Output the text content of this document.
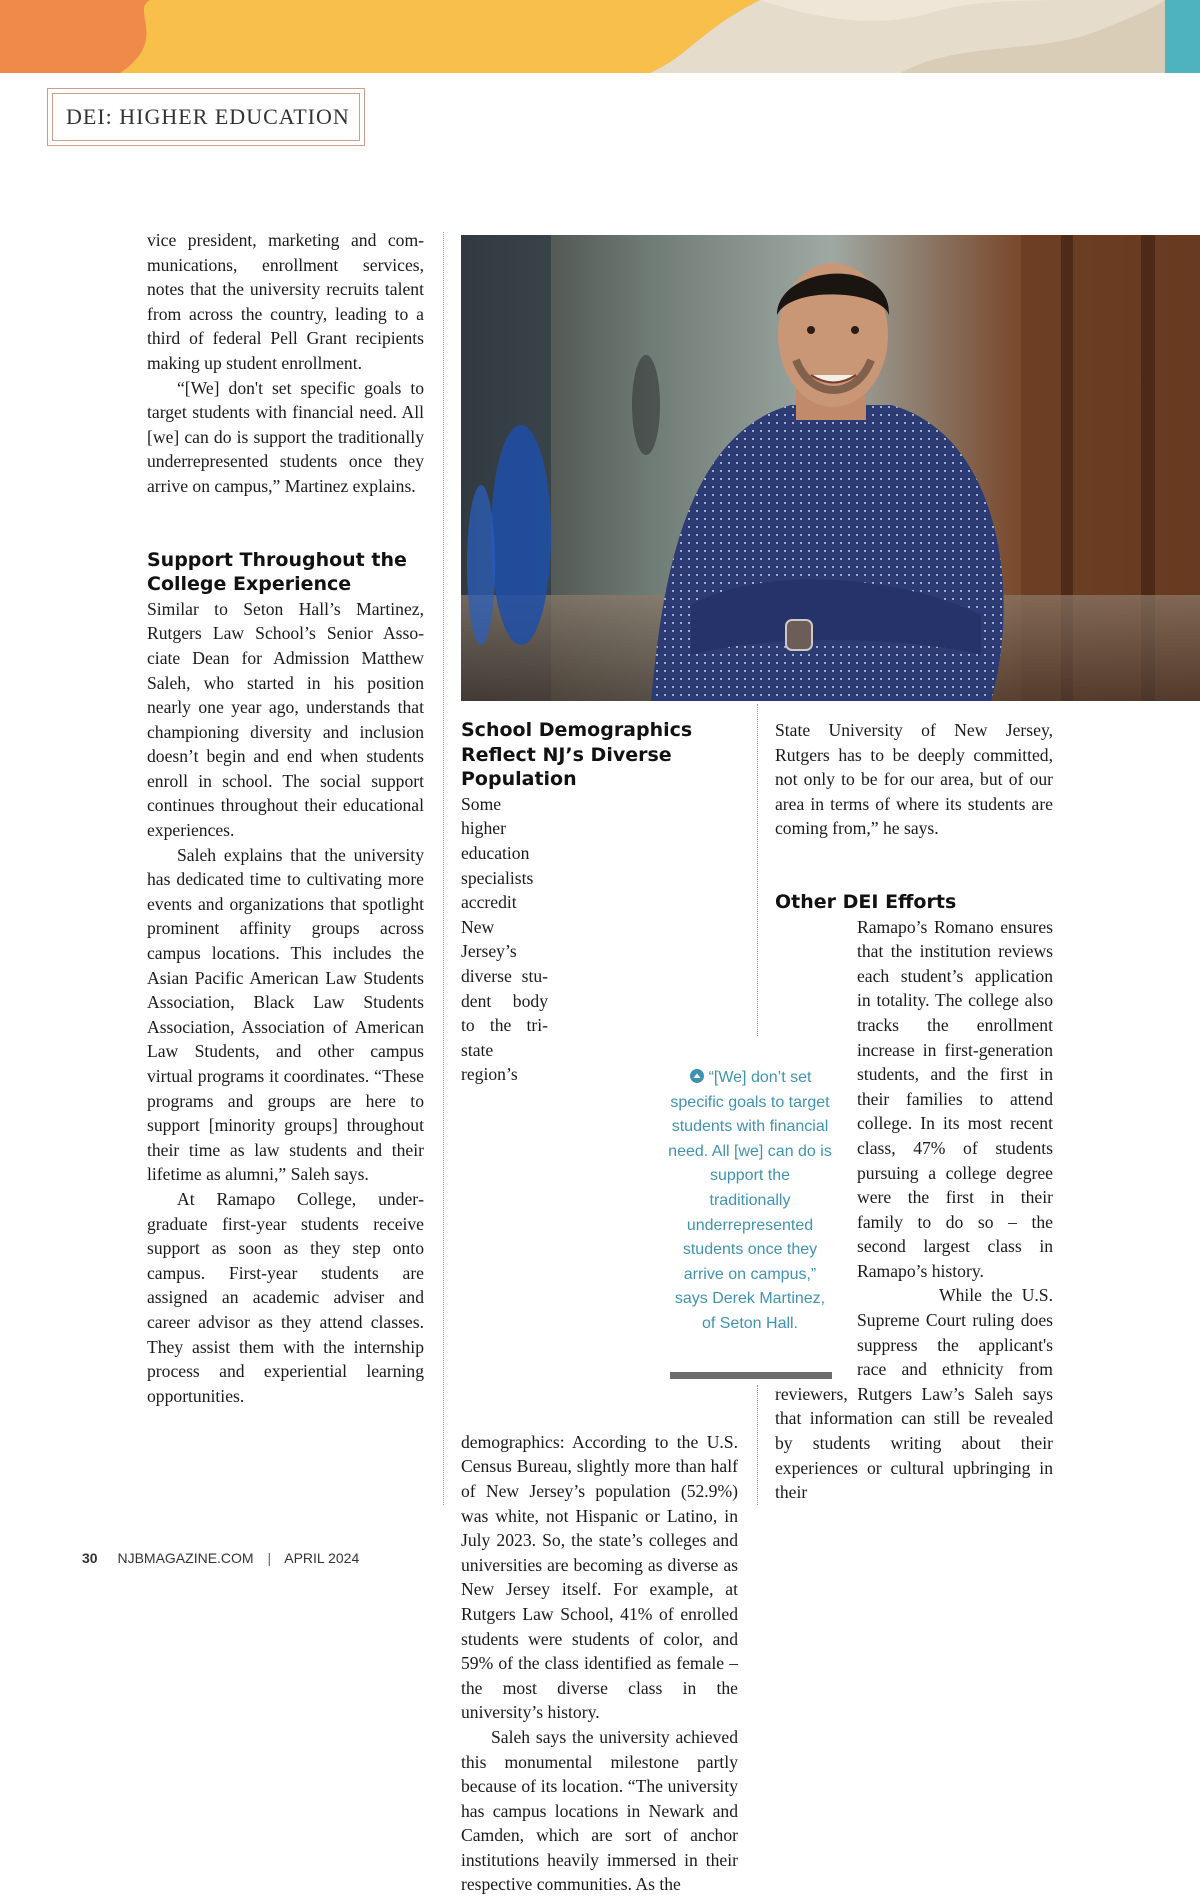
DEI: HIGHER EDUCATION

vice president, marketing and communications, enrollment services, notes that the university recruits talent from across the country, leading to a third of federal Pell Grant recipients making up student enrollment.

“[We] don't set specific goals to target students with financial need. All [we] can do is support the traditionally underrepresented students once they arrive on campus,” Martinez explains.

Support Throughout the College Experience

Similar to Seton Hall’s Martinez, Rutgers Law School’s Senior Associate Dean for Admission Matthew Saleh, who started in his position nearly one year ago, understands that championing diversity and inclusion doesn’t begin and end when students enroll in school. The social support continues throughout their educational experiences.

Saleh explains that the university has dedicated time to cultivating more events and organizations that spotlight prominent affinity groups across campus locations. This includes the Asian Pacific American Law Students Association, Black Law Students Association, Association of American Law Students, and other campus virtual programs it coordinates. “These programs and groups are here to support [minority groups] throughout their time as law students and their lifetime as alumni,” Saleh says.

At Ramapo College, undergraduate first-year students receive support as soon as they step onto campus. First-year students are assigned an academic adviser and career advisor as they attend classes. They assist them with the internship process and experiential learning opportunities.

School Demographics Reflect NJ’s Diverse Population

Some higher education specialists accredit New Jersey’s diverse student body to the tri-state region’s demographics: According to the U.S. Census Bureau, slightly more than half of New Jersey’s population (52.9%) was white, not Hispanic or Latino, in July 2023. So, the state’s colleges and universities are becoming as diverse as New Jersey itself. For example, at Rutgers Law School, 41% of enrolled students were students of color, and 59% of the class identified as female – the most diverse class in the university’s history.

Saleh says the university achieved this monumental milestone partly because of its location. “The university has campus locations in Newark and Camden, which are sort of anchor institutions heavily immersed in their respective communities. As the

“[We] don’t set specific goals to target students with financial need. All [we] can do is support the traditionally underrepresented students once they arrive on campus,” says Derek Martinez, of Seton Hall.

State University of New Jersey, Rutgers has to be deeply committed, not only to be for our area, but of our area in terms of where its students are coming from,” he says.

Other DEI Efforts

Ramapo’s Romano ensures that the institution reviews each student’s application in totality. The college also tracks the enrollment increase in first-generation students, and the first in their families to attend college. In its most recent class, 47% of students pursuing a college degree were the first in their family to do so – the second largest class in Ramapo’s history.

While the U.S. Supreme Court ruling does suppress the applicant's race and ethnicity from reviewers, Rutgers Law’s Saleh says that information can still be revealed by students writing about their experiences or cultural upbringing in their

30 NJBMAGAZINE.COM | APRIL 2024
